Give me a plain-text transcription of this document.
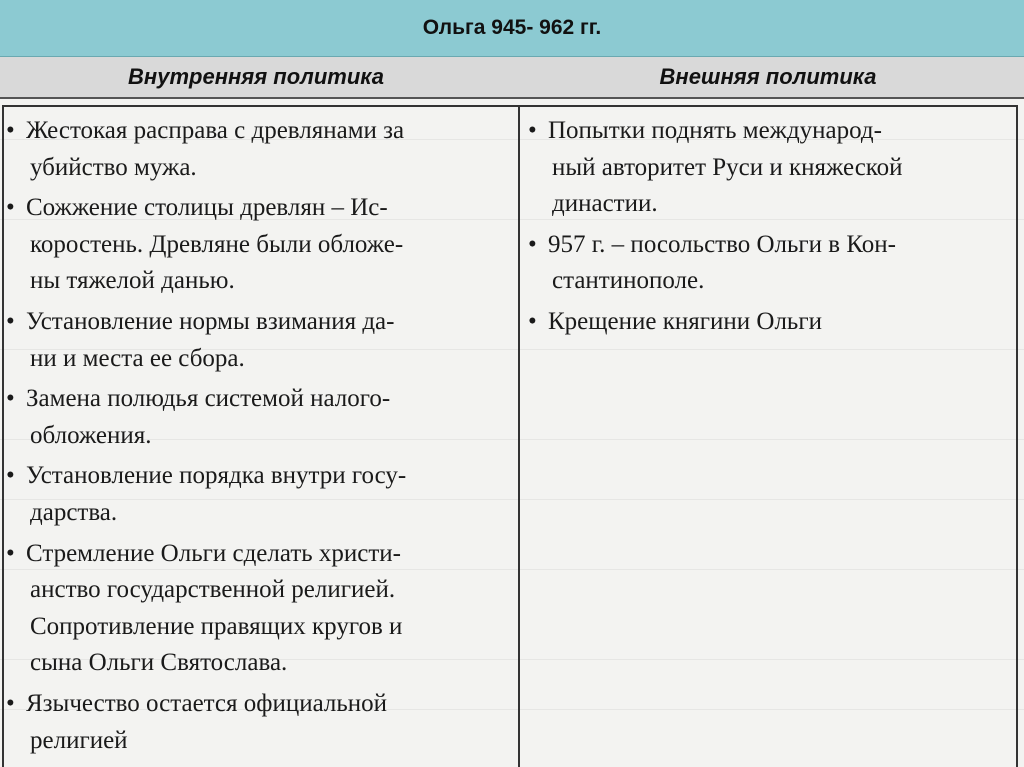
Ольга 945- 962 гг.
Внутренняя политика	Внешняя политика
• Жестокая расправа с древлянами за
убийство мужа.
• Сожжение столицы древлян – Ис-
коростень. Древляне были обложе-
ны тяжелой данью.
• Установление нормы взимания да-
ни и места ее сбора.
• Замена полюдья системой налого-
обложения.
• Установление порядка внутри госу-
дарства.
• Стремление Ольги сделать христи-
анство государственной религией.
Сопротивление правящих кругов и
сына Ольги Святослава.
• Язычество остается официальной
религией
• Попытки поднять международ-
ный авторитет Руси и княжеской
династии.
• 957 г. – посольство Ольги в Кон-
стантинополе.
• Крещение княгини Ольги
